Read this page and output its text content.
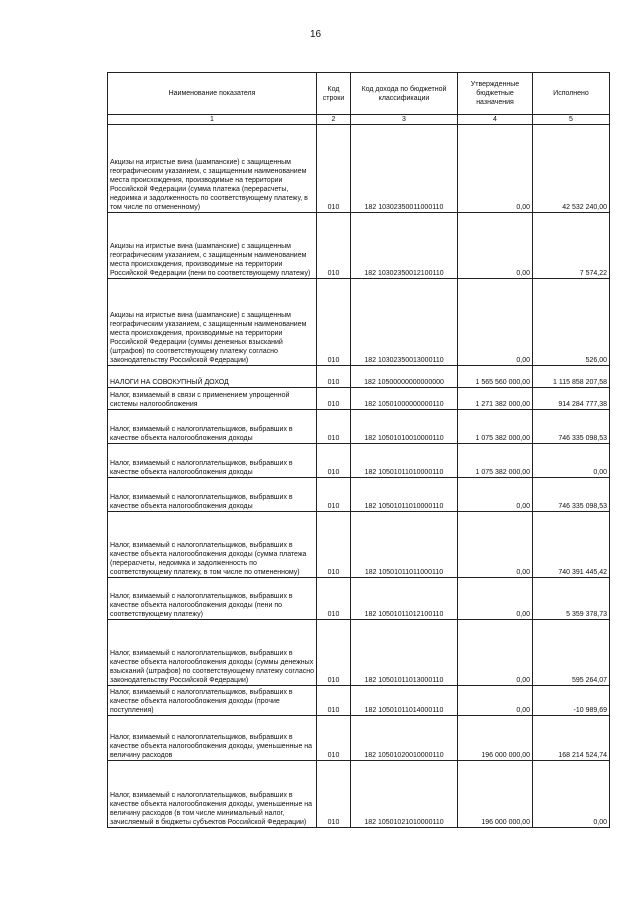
16
Наименование показателя	Код строки	Код дохода по бюджетной классификации	Утвержденные бюджетные назначения	Исполнено
1	2	3	4	5
Акцизы на игристые вина (шампанские) с защищенным географическим указанием, с защищенным наименованием места происхождения, производимые на территории Российской Федерации (сумма платежа (перерасчеты, недоимка и задолженность по соответствующему платежу, в том числе по отмененному)	010	182 10302350011000110	0,00	42 532 240,00
Акцизы на игристые вина (шампанские) с защищенным географическим указанием, с защищенным наименованием места происхождения, производимые на территории Российской Федерации (пени по соответствующему платежу)	010	182 10302350012100110	0,00	7 574,22
Акцизы на игристые вина (шампанские) с защищенным географическим указанием, с защищенным наименованием места происхождения, производимые на территории Российской Федерации (суммы денежных взысканий (штрафов) по соответствующему платежу согласно законодательству Российской Федерации)	010	182 10302350013000110	0,00	526,00
НАЛОГИ НА СОВОКУПНЫЙ ДОХОД	010	182 10500000000000000	1 565 560 000,00	1 115 858 207,58
Налог, взимаемый в связи с применением упрощенной системы налогообложения	010	182 10501000000000110	1 271 382 000,00	914 284 777,38
Налог, взимаемый с налогоплательщиков, выбравших в качестве объекта налогообложения доходы	010	182 10501010010000110	1 075 382 000,00	746 335 098,53
Налог, взимаемый с налогоплательщиков, выбравших в качестве объекта налогообложения доходы	010	182 10501011010000110	1 075 382 000,00	0,00
Налог, взимаемый с налогоплательщиков, выбравших в качестве объекта налогообложения доходы	010	182 10501011010000110	0,00	746 335 098,53
Налог, взимаемый с налогоплательщиков, выбравших в качестве объекта налогообложения доходы (сумма платежа (перерасчеты, недоимка и задолженность по соответствующему платежу, в том числе по отмененному)	010	182 10501011011000110	0,00	740 391 445,42
Налог, взимаемый с налогоплательщиков, выбравших в качестве объекта налогообложения доходы (пени по соответствующему платежу)	010	182 10501011012100110	0,00	5 359 378,73
Налог, взимаемый с налогоплательщиков, выбравших в качестве объекта налогообложения доходы (суммы денежных взысканий (штрафов) по соответствующему платежу согласно законодательству Российской Федерации)	010	182 10501011013000110	0,00	595 264,07
Налог, взимаемый с налогоплательщиков, выбравших в качестве объекта налогообложения доходы (прочие поступления)	010	182 10501011014000110	0,00	-10 989,69
Налог, взимаемый с налогоплательщиков, выбравших в качестве объекта налогообложения доходы, уменьшенные на величину расходов	010	182 10501020010000110	196 000 000,00	168 214 524,74
Налог, взимаемый с налогоплательщиков, выбравших в качестве объекта налогообложения доходы, уменьшенные на величину расходов (в том числе минимальный налог, зачисляемый в бюджеты субъектов Российской Федерации)	010	182 10501021010000110	196 000 000,00	0,00
